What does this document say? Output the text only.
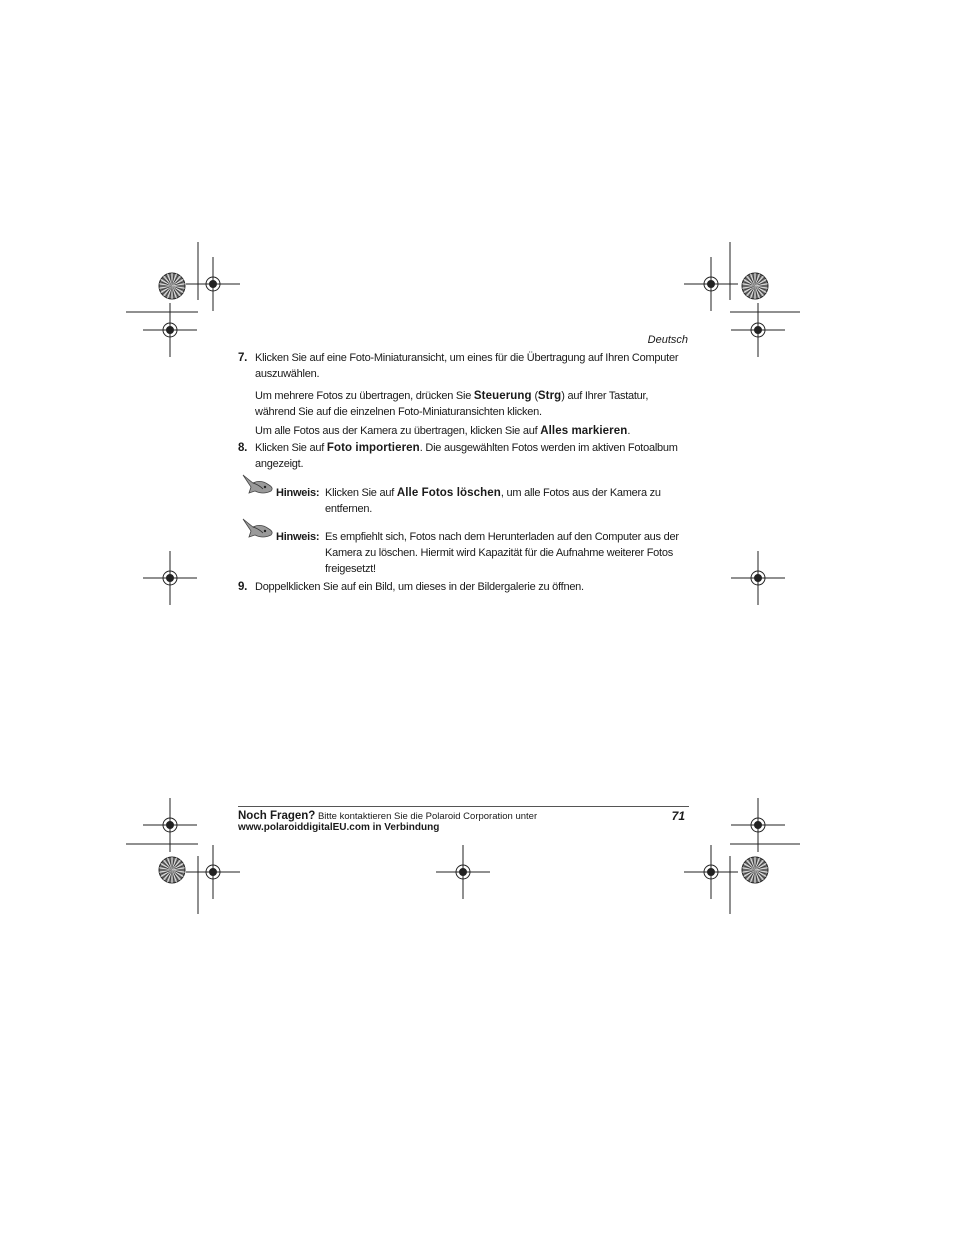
Deutsch
7. Klicken Sie auf eine Foto-Miniaturansicht, um eines für die Übertragung auf Ihren Computer auszuwählen.

Um mehrere Fotos zu übertragen, drücken Sie Steuerung (Strg) auf Ihrer Tastatur, während Sie auf die einzelnen Foto-Miniaturansichten klicken.

Um alle Fotos aus der Kamera zu übertragen, klicken Sie auf Alles markieren.

8. Klicken Sie auf Foto importieren. Die ausgewählten Fotos werden im aktiven Fotoalbum angezeigt.

Hinweis: Klicken Sie auf Alle Fotos löschen, um alle Fotos aus der Kamera zu entfernen.

Hinweis: Es empfiehlt sich, Fotos nach dem Herunterladen auf den Computer aus der Kamera zu löschen. Hiermit wird Kapazität für die Aufnahme weiterer Fotos freigesetzt!

9. Doppelklicken Sie auf ein Bild, um dieses in der Bildergalerie zu öffnen.

Noch Fragen? Bitte kontaktieren Sie die Polaroid Corporation unter
www.polaroiddigitalEU.com in Verbindung
71
